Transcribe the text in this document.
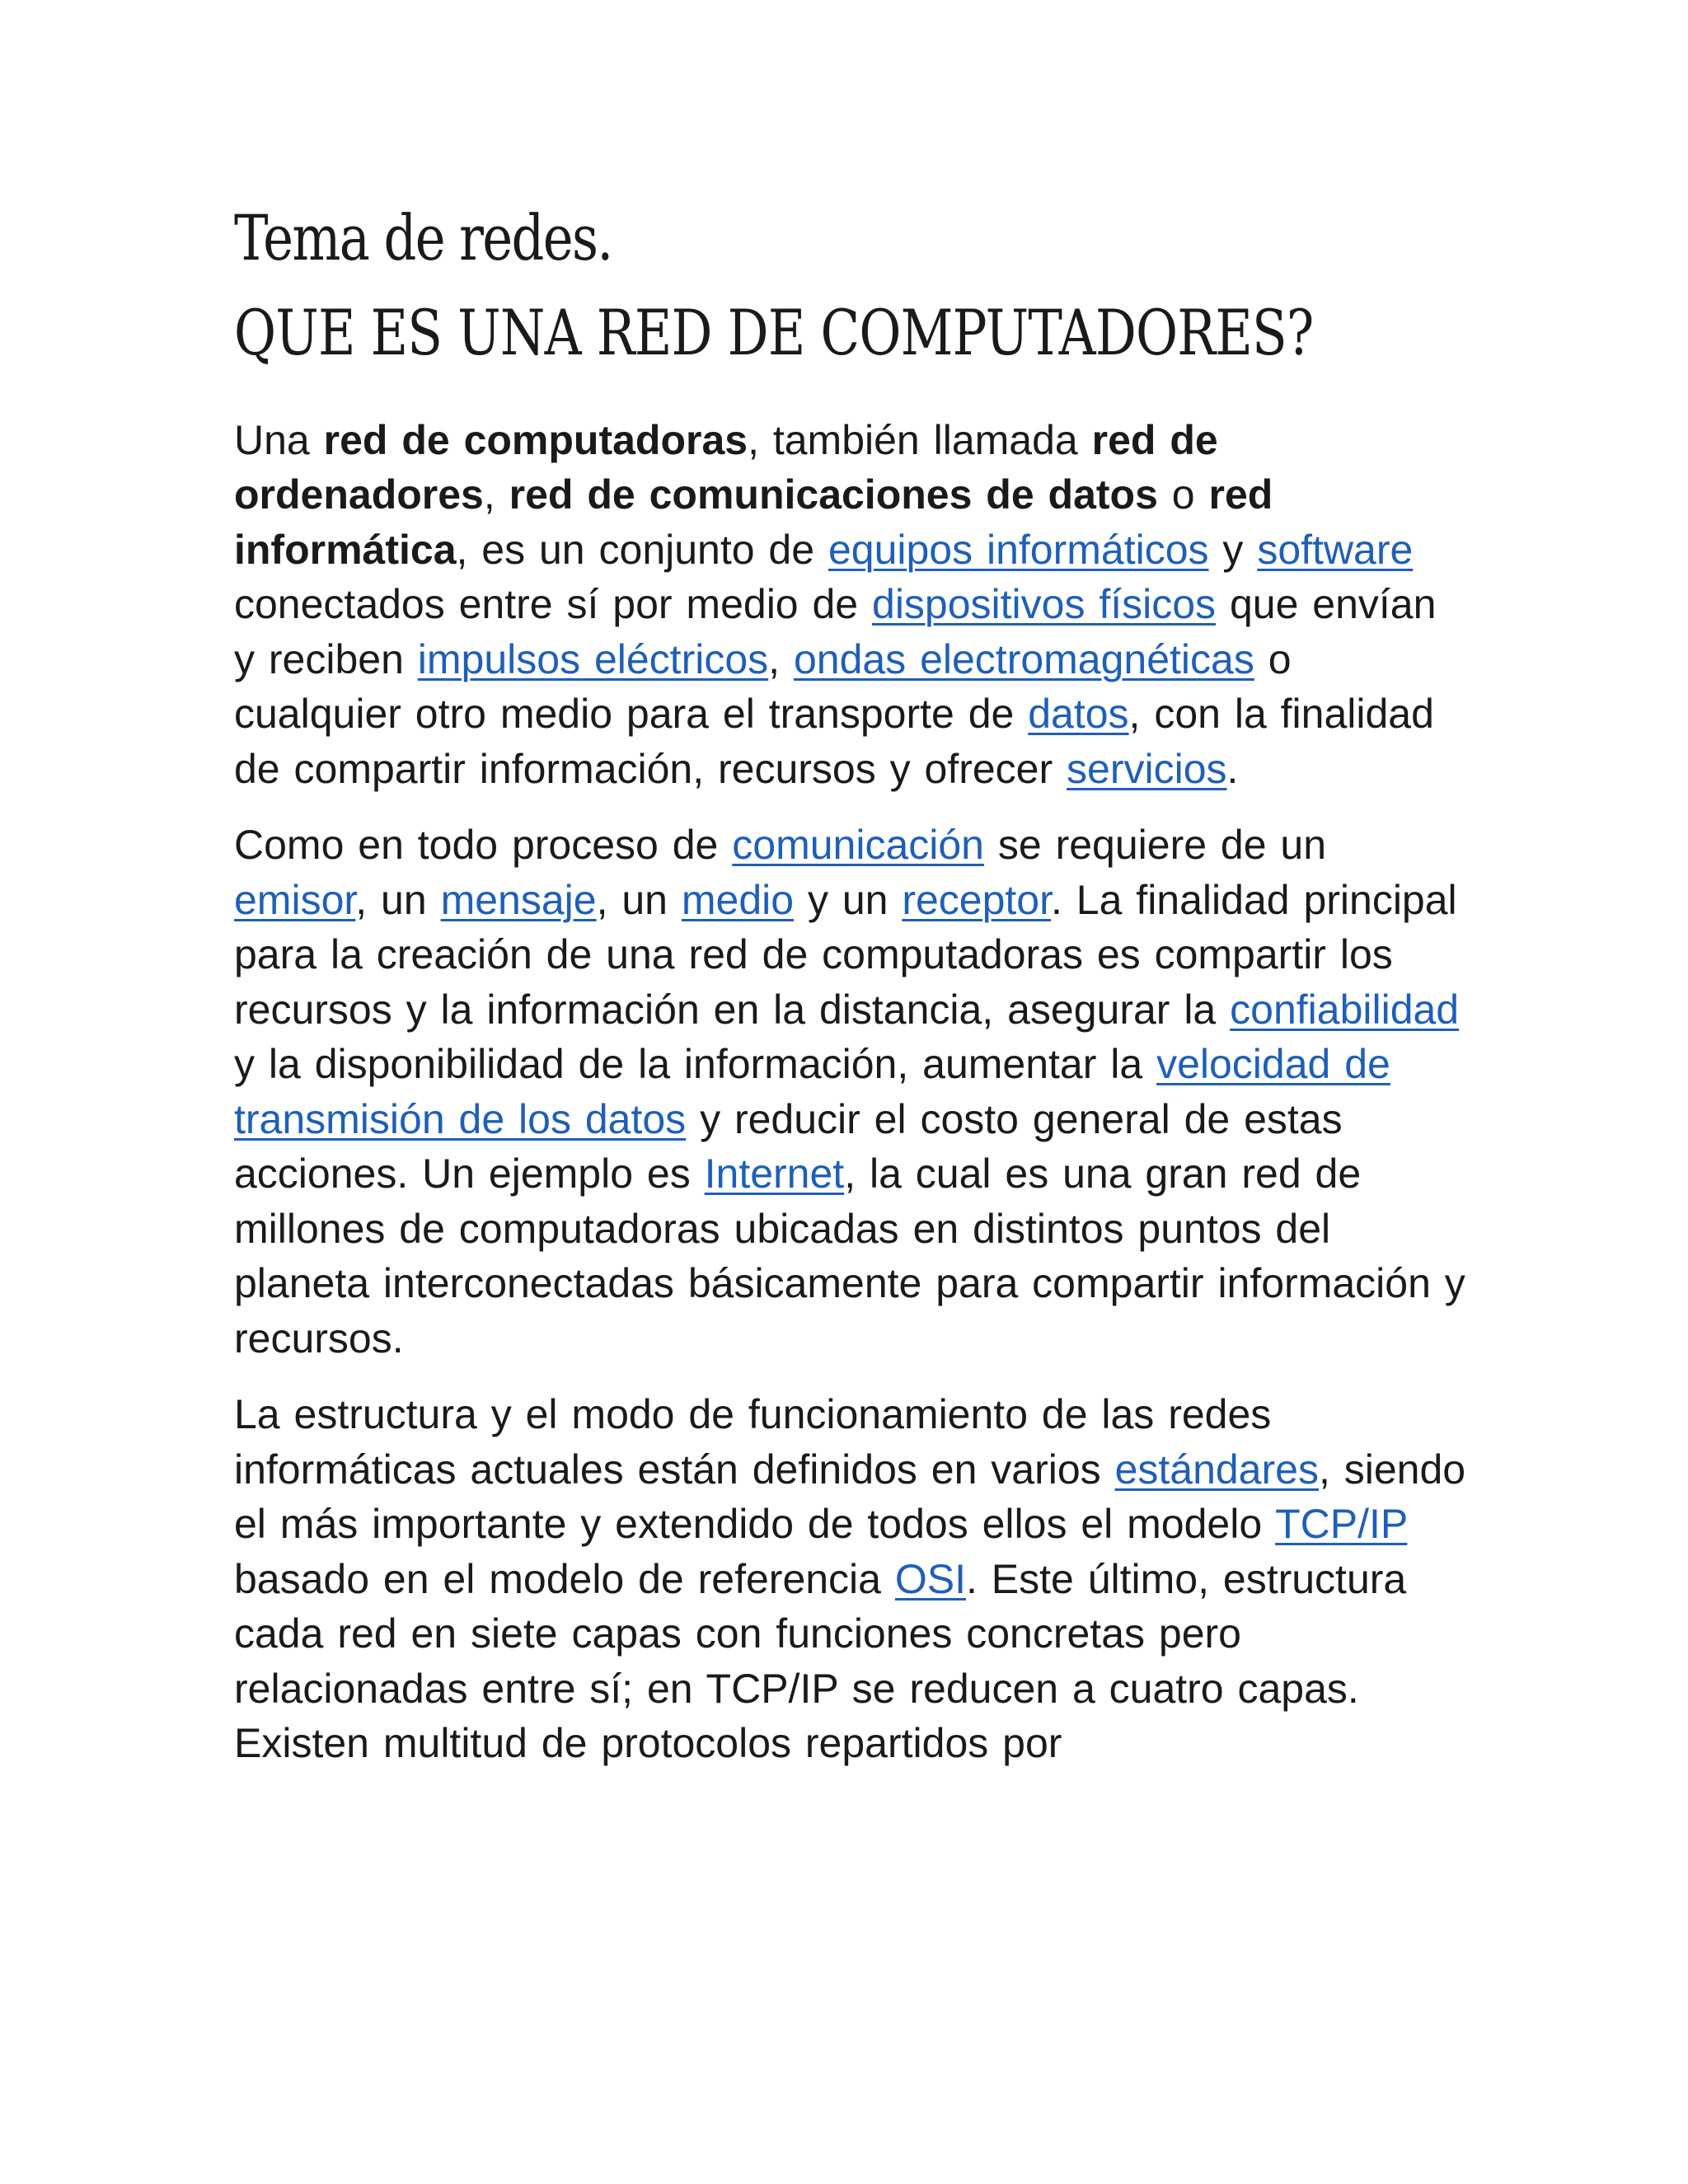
Tema de redes.
QUE ES UNA RED DE COMPUTADORES?

Una red de computadoras, también llamada red de ordenadores, red de comunicaciones de datos o red informática, es un conjunto de equipos informáticos y software conectados entre sí por medio de dispositivos físicos que envían y reciben impulsos eléctricos, ondas electromagnéticas o cualquier otro medio para el transporte de datos, con la finalidad de compartir información, recursos y ofrecer servicios.

Como en todo proceso de comunicación se requiere de un emisor, un mensaje, un medio y un receptor. La finalidad principal para la creación de una red de computadoras es compartir los recursos y la información en la distancia, asegurar la confiabilidad y la disponibilidad de la información, aumentar la velocidad de transmisión de los datos y reducir el costo general de estas acciones. Un ejemplo es Internet, la cual es una gran red de millones de computadoras ubicadas en distintos puntos del planeta interconectadas básicamente para compartir información y recursos.

La estructura y el modo de funcionamiento de las redes informáticas actuales están definidos en varios estándares, siendo el más importante y extendido de todos ellos el modelo TCP/IP basado en el modelo de referencia OSI. Este último, estructura cada red en siete capas con funciones concretas pero relacionadas entre sí; en TCP/IP se reducen a cuatro capas. Existen multitud de protocolos repartidos por
